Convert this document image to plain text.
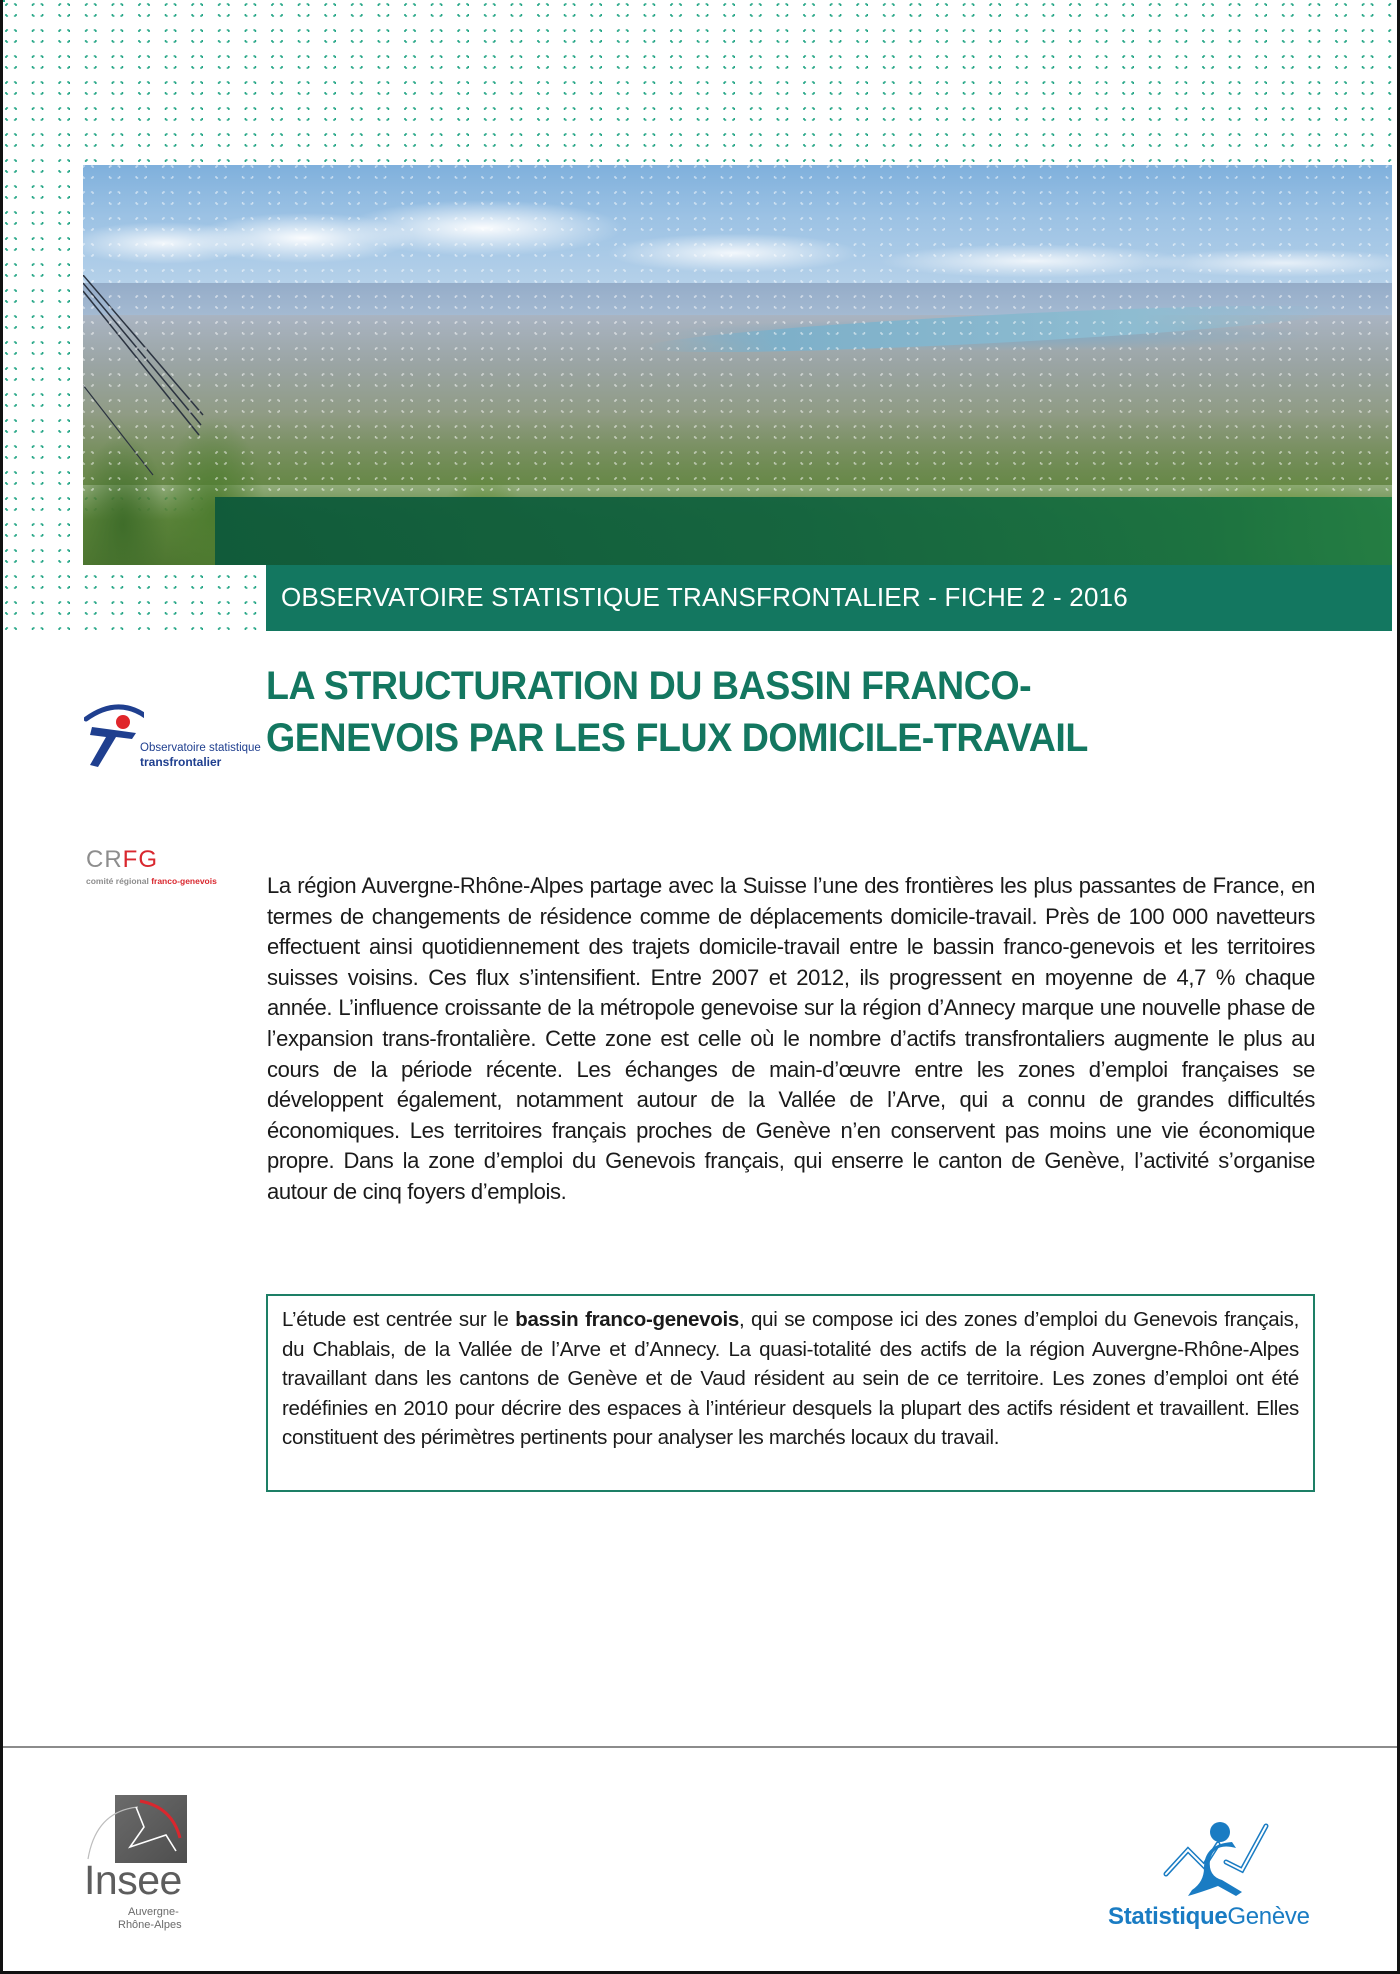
OBSERVATOIRE STATISTIQUE TRANSFRONTALIER - FICHE 2 - 2016
Observatoire statistique
transfrontalier
CRFG
comité régional franco-genevois
LA STRUCTURATION DU BASSIN FRANCO-
GENEVOIS PAR LES FLUX DOMICILE-TRAVAIL

La région Auvergne-Rhône-Alpes partage avec la Suisse l’une des frontières les plus passantes de France, en termes de changements de résidence comme de déplacements domicile-travail. Près de 100 000 navetteurs effectuent ainsi quotidiennement des trajets domicile-travail entre le bassin franco-genevois et les territoires suisses voisins. Ces flux s’intensifient. Entre 2007 et 2012, ils progressent en moyenne de 4,7 % chaque année. L’influence croissante de la métropole genevoise sur la région d’Annecy marque une nouvelle phase de l’expansion trans-frontalière. Cette zone est celle où le nombre d’actifs transfrontaliers augmente le plus au cours de la période récente. Les échanges de main-d’œuvre entre les zones d’emploi françaises se développent également, notamment autour de la Vallée de l’Arve, qui a connu de grandes difficultés économiques. Les territoires français proches de Genève n’en conservent pas moins une vie économique propre. Dans la zone d’emploi du Genevois français, qui enserre le canton de Genève, l’activité s’organise autour de cinq foyers d’emplois.

L’étude est centrée sur le bassin franco-genevois, qui se compose ici des zones d’emploi du Genevois français, du Chablais, de la Vallée de l’Arve et d’Annecy. La quasi-totalité des actifs de la région Auvergne-Rhône-Alpes travaillant dans les cantons de Genève et de Vaud résident au sein de ce territoire. Les zones d’emploi ont été redéfinies en 2010 pour décrire des espaces à l’intérieur desquels la plupart des actifs résident et travaillent. Elles constituent des périmètres pertinents pour analyser les marchés locaux du travail.

Insee
Auvergne-
Rhône-Alpes	StatistiqueGenève
